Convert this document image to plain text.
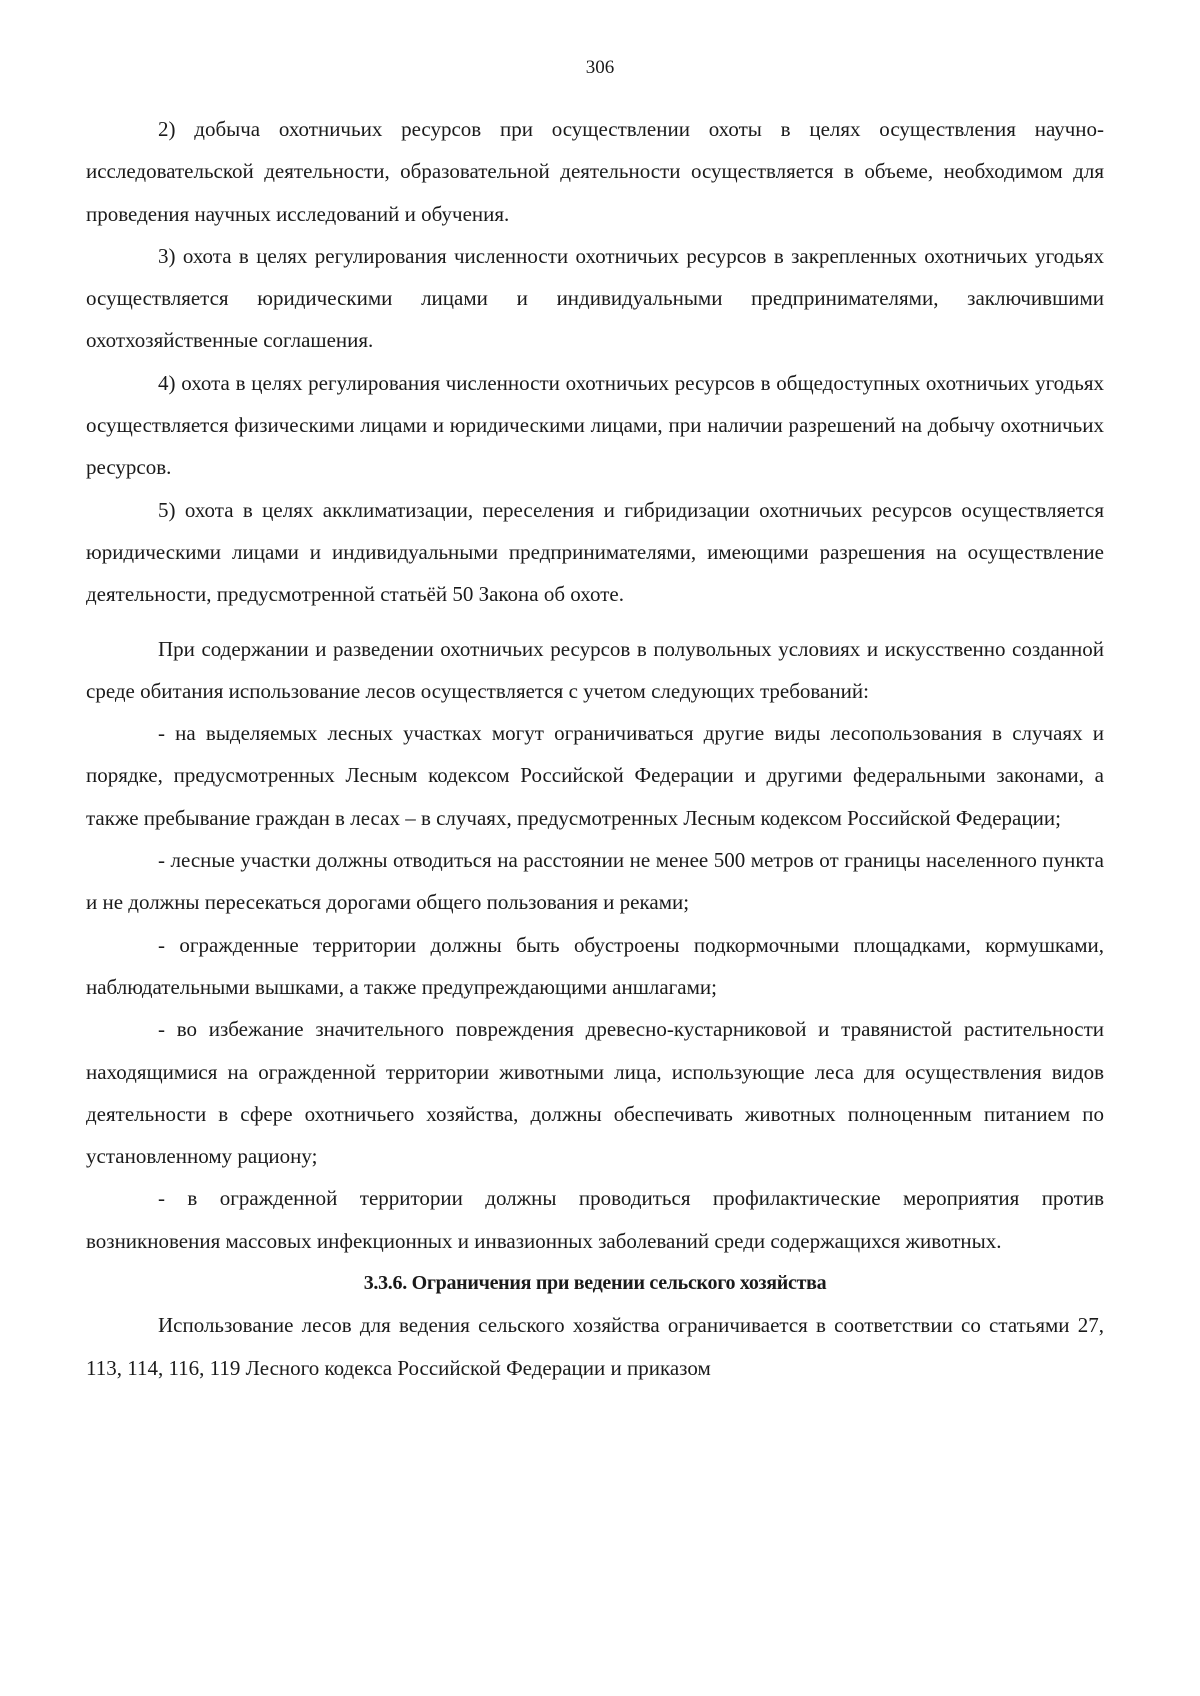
306

2) добыча охотничьих ресурсов при осуществлении охоты в целях осуществления научно-исследовательской деятельности, образовательной деятельности осуществляется в объеме, необходимом для проведения научных исследований и обучения.

3) охота в целях регулирования численности охотничьих ресурсов в закрепленных охотничьих угодьях осуществляется юридическими лицами и индивидуальными предпринимателями, заключившими охотхозяйственные соглашения.

4) охота в целях регулирования численности охотничьих ресурсов в общедоступных охотничьих угодьях осуществляется физическими лицами и юридическими лицами, при наличии разрешений на добычу охотничьих ресурсов.

5) охота в целях акклиматизации, переселения и гибридизации охотничьих ресурсов осуществляется юридическими лицами и индивидуальными предпринимателями, имеющими разрешения на осуществление деятельности, предусмотренной статьёй 50 Закона об охоте.

При содержании и разведении охотничьих ресурсов в полувольных условиях и искусственно созданной среде обитания использование лесов осуществляется с учетом следующих требований:

- на выделяемых лесных участках могут ограничиваться другие виды лесопользования в случаях и порядке, предусмотренных Лесным кодексом Российской Федерации и другими федеральными законами, а также пребывание граждан в лесах – в случаях, предусмотренных Лесным кодексом Российской Федерации;

- лесные участки должны отводиться на расстоянии не менее 500 метров от границы населенного пункта и не должны пересекаться дорогами общего пользования и реками;

- огражденные территории должны быть обустроены подкормочными площадками, кормушками, наблюдательными вышками, а также предупреждающими аншлагами;

- во избежание значительного повреждения древесно-кустарниковой и травянистой растительности находящимися на огражденной территории животными лица, использующие леса для осуществления видов деятельности в сфере охотничьего хозяйства, должны обеспечивать животных полноценным питанием по установленному рациону;

- в огражденной территории должны проводиться профилактические мероприятия против возникновения массовых инфекционных и инвазионных заболеваний среди содержащихся животных.

3.3.6. Ограничения при ведении сельского хозяйства

Использование лесов для ведения сельского хозяйства ограничивается в соответствии со статьями 27, 113, 114, 116, 119 Лесного кодекса Российской Федерации и приказом
